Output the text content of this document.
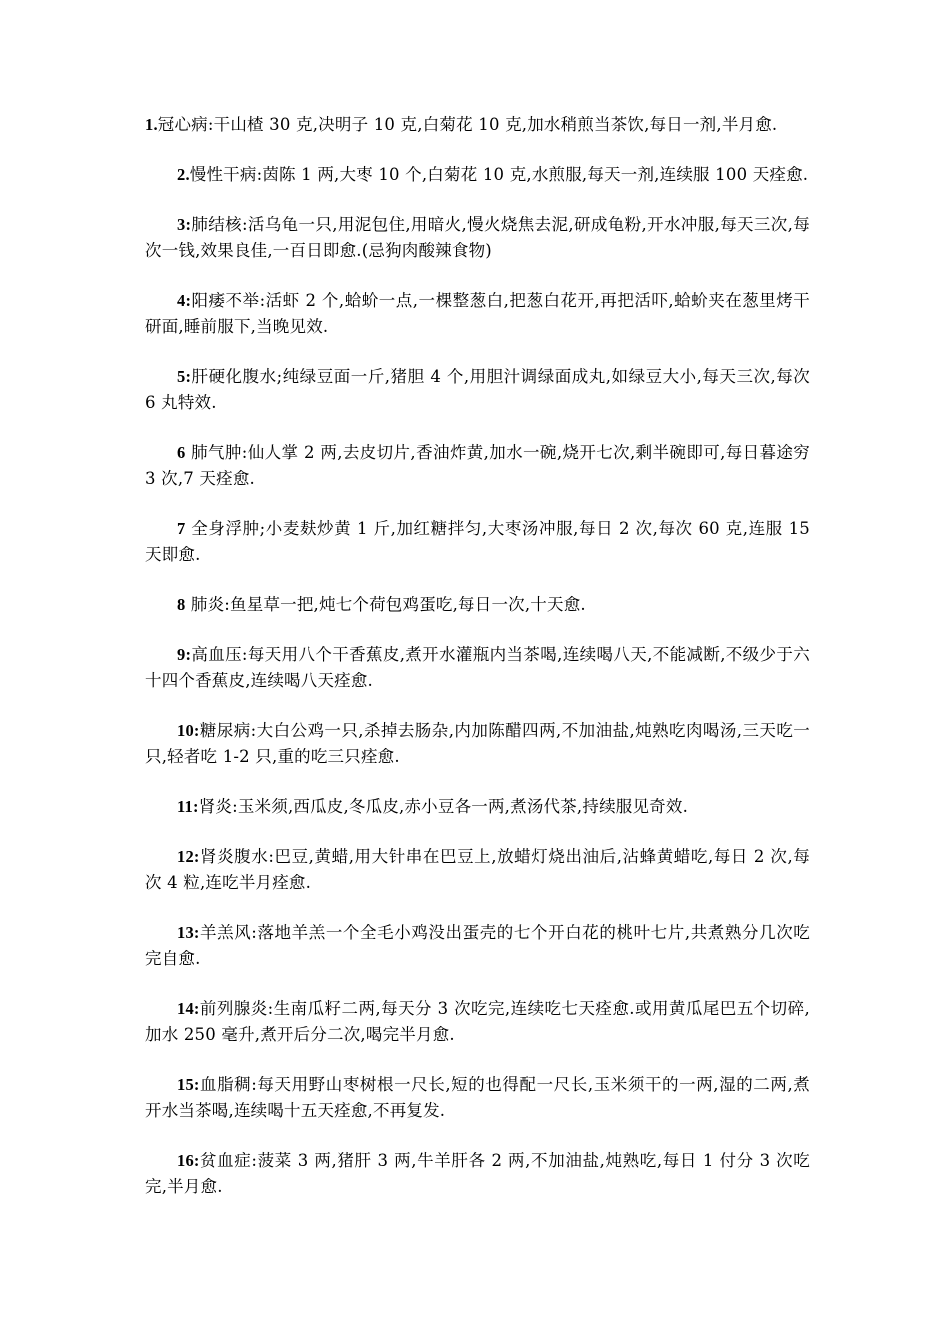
1.冠心病:干山楂 30 克,决明子 10 克,白菊花 10 克,加水稍煎当茶饮,每日一剂,半月愈.

2.慢性干病:茵陈 1 两,大枣 10 个,白菊花 10 克,水煎服,每天一剂,连续服 100 天痊愈.

3:肺结核:活乌龟一只,用泥包住,用暗火,慢火烧焦去泥,研成龟粉,开水冲服,每天三次,每次一钱,效果良佳,一百日即愈.(忌狗肉酸辣食物)

4:阳痿不举:活虾 2 个,蛤蚧一点,一棵整葱白,把葱白花开,再把活吓,蛤蚧夹在葱里烤干研面,睡前服下,当晚见效.

5:肝硬化腹水;纯绿豆面一斤,猪胆 4 个,用胆汁调绿面成丸,如绿豆大小,每天三次,每次 6 丸特效.

6 肺气肿:仙人掌 2 两,去皮切片,香油炸黄,加水一碗,烧开七次,剩半碗即可,每日暮途穷 3 次,7 天痊愈.

7 全身浮肿;小麦麸炒黄 1 斤,加红糖拌匀,大枣汤冲服,每日 2 次,每次 60 克,连服 15 天即愈.

8 肺炎:鱼星草一把,炖七个荷包鸡蛋吃,每日一次,十天愈.

9:高血压:每天用八个干香蕉皮,煮开水灌瓶内当茶喝,连续喝八天,不能减断,不级少于六十四个香蕉皮,连续喝八天痊愈.

10:糖尿病:大白公鸡一只,杀掉去肠杂,内加陈醋四两,不加油盐,炖熟吃肉喝汤,三天吃一只,轻者吃 1-2 只,重的吃三只痊愈.

11:肾炎:玉米须,西瓜皮,冬瓜皮,赤小豆各一两,煮汤代茶,持续服见奇效.

12:肾炎腹水:巴豆,黄蜡,用大针串在巴豆上,放蜡灯烧出油后,沾蜂黄蜡吃,每日 2 次,每次 4 粒,连吃半月痊愈.

13:羊羔风:落地羊羔一个全毛小鸡没出蛋壳的七个开白花的桃叶七片,共煮熟分几次吃完自愈.

14:前列腺炎:生南瓜籽二两,每天分 3 次吃完,连续吃七天痊愈.或用黄瓜尾巴五个切碎,加水 250 毫升,煮开后分二次,喝完半月愈.

15:血脂稠:每天用野山枣树根一尺长,短的也得配一尺长,玉米须干的一两,湿的二两,煮开水当茶喝,连续喝十五天痊愈,不再复发.

16:贫血症:菠菜 3 两,猪肝 3 两,牛羊肝各 2 两,不加油盐,炖熟吃,每日 1 付分 3 次吃完,半月愈.
